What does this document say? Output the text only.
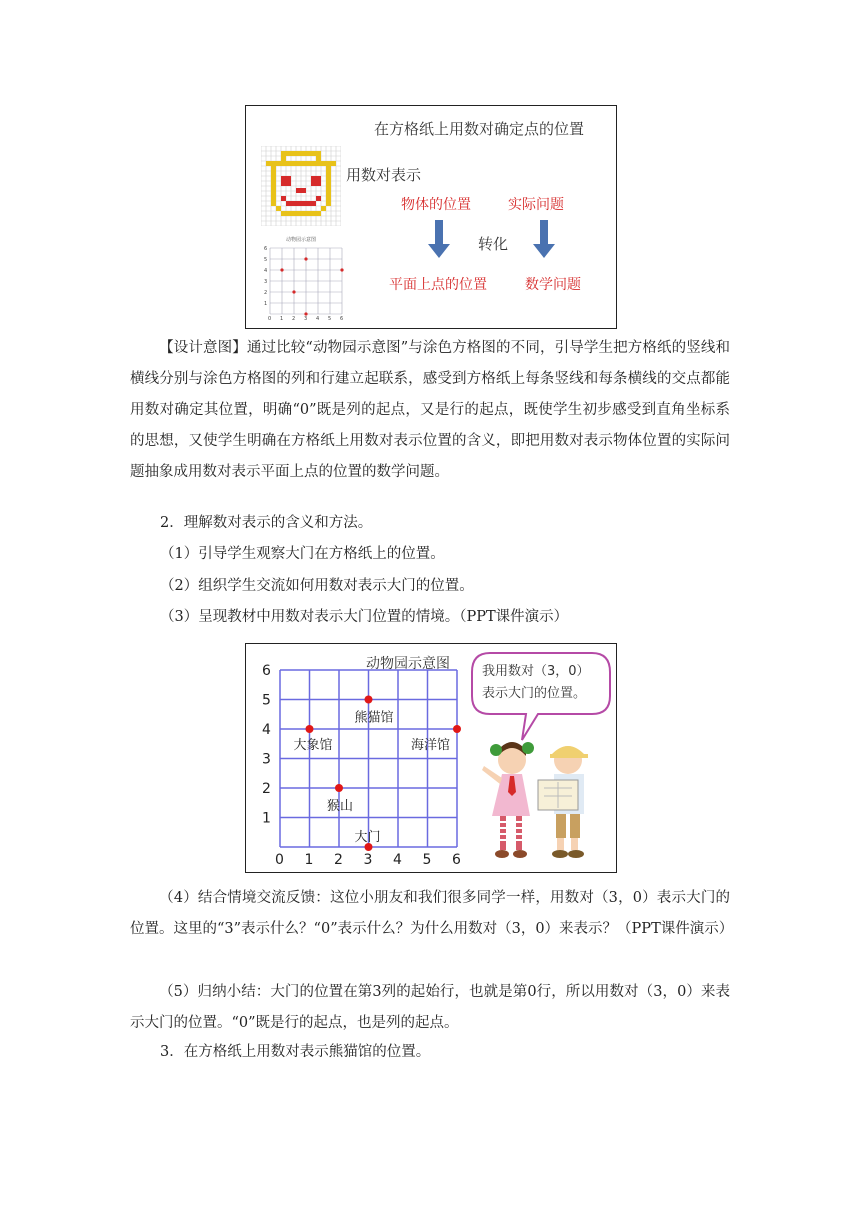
在方格纸上用数对确定点的位置
动物园示意图
0 1 2 3 4 5 6
6
5
4
3
2
1
用数对表示
物体的位置	实际问题
转化
平面上点的位置	数学问题
【设计意图】通过比较“动物园示意图”与涂色方格图的不同，引导学生把方格纸的竖线和横线分别与涂色方格图的列和行建立起联系，感受到方格纸上每条竖线和每条横线的交点都能用数对确定其位置，明确“0”既是列的起点，又是行的起点，既使学生初步感受到直角坐标系的思想，又使学生明确在方格纸上用数对表示位置的含义，即把用数对表示物体位置的实际问题抽象成用数对表示平面上点的位置的数学问题。
2．理解数对表示的含义和方法。
（1）引导学生观察大门在方格纸上的位置。
（2）组织学生交流如何用数对表示大门的位置。
（3）呈现教材中用数对表示大门位置的情境。（PPT课件演示）
动物园示意图
0 1 2 3 4 5 6
1
2
3
4
5
6
熊猫馆
大象馆	海洋馆
猴山
大门
我用数对（3，0）
表示大门的位置。
（4）结合情境交流反馈：这位小朋友和我们很多同学一样，用数对（3，0）表示大门的位置。这里的“3”表示什么？“0”表示什么？为什么用数对（3，0）来表示？（PPT课件演示）
（5）归纳小结：大门的位置在第3列的起始行，也就是第0行，所以用数对（3，0）来表示大门的位置。“0”既是行的起点，也是列的起点。
3．在方格纸上用数对表示熊猫馆的位置。
